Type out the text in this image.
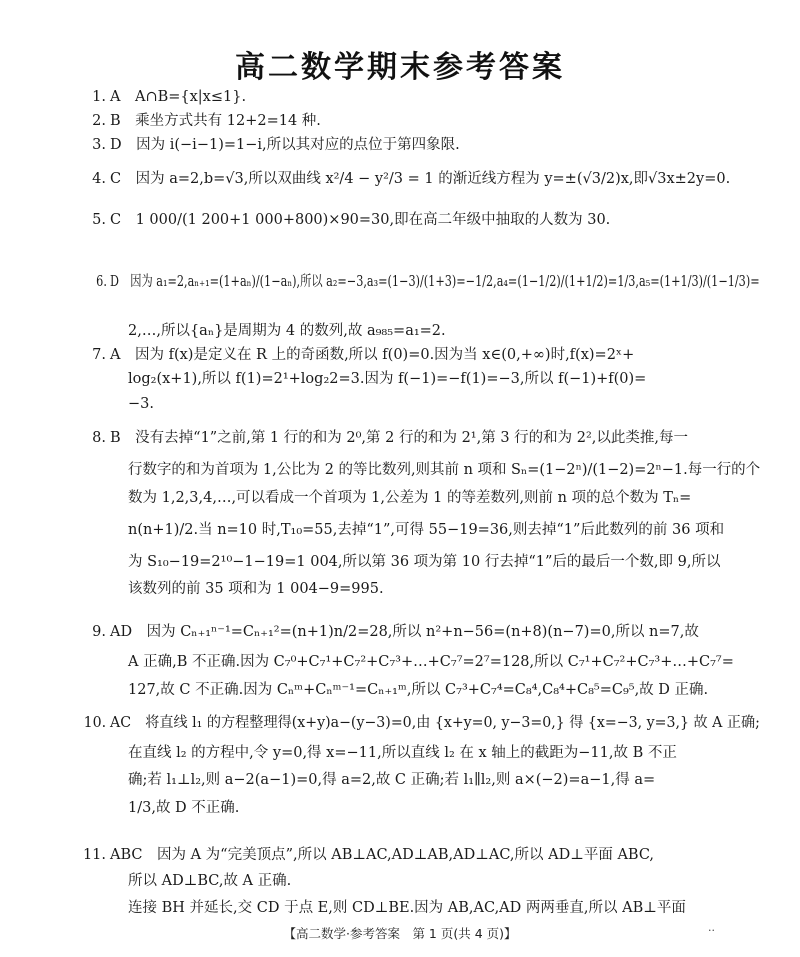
高二数学期末参考答案
1. A　A∩B={x|x≤1}.
2. B　乘坐方式共有 12+2=14 种.
3. D　因为 i(−i−1)=1−i,所以其对应的点位于第四象限.
4. C　因为 a=2,b=√3,所以双曲线 x²/4 − y²/3 = 1 的渐近线方程为 y=±(√3/2)x,即√3x±2y=0.
5. C　1 000/(1 200+1 000+800)×90=30,即在高二年级中抽取的人数为 30.
6. D　因为 a₁=2,aₙ₊₁=(1+aₙ)/(1−aₙ),所以 a₂=−3,a₃=(1−3)/(1+3)=−1/2,a₄=(1−1/2)/(1+1/2)=1/3,a₅=(1+1/3)/(1−1/3)=
2,…,所以{aₙ}是周期为 4 的数列,故 a₉₈₅=a₁=2.
7. A　因为 f(x)是定义在 R 上的奇函数,所以 f(0)=0.因为当 x∈(0,+∞)时,f(x)=2ˣ+
log₂(x+1),所以 f(1)=2¹+log₂2=3.因为 f(−1)=−f(1)=−3,所以 f(−1)+f(0)=
−3.
8. B　没有去掉“1”之前,第 1 行的和为 2⁰,第 2 行的和为 2¹,第 3 行的和为 2²,以此类推,每一
行数字的和为首项为 1,公比为 2 的等比数列,则其前 n 项和 Sₙ=(1−2ⁿ)/(1−2)=2ⁿ−1.每一行的个
数为 1,2,3,4,…,可以看成一个首项为 1,公差为 1 的等差数列,则前 n 项的总个数为 Tₙ=
n(n+1)/2.当 n=10 时,T₁₀=55,去掉“1”,可得 55−19=36,则去掉“1”后此数列的前 36 项和
为 S₁₀−19=2¹⁰−1−19=1 004,所以第 36 项为第 10 行去掉“1”后的最后一个数,即 9,所以
该数列的前 35 项和为 1 004−9=995.
9. AD　因为 Cₙ₊₁ⁿ⁻¹=Cₙ₊₁²=(n+1)n/2=28,所以 n²+n−56=(n+8)(n−7)=0,所以 n=7,故
A 正确,B 不正确.因为 C₇⁰+C₇¹+C₇²+C₇³+…+C₇⁷=2⁷=128,所以 C₇¹+C₇²+C₇³+…+C₇⁷=
127,故 C 不正确.因为 Cₙᵐ+Cₙᵐ⁻¹=Cₙ₊₁ᵐ,所以 C₇³+C₇⁴=C₈⁴,C₈⁴+C₈⁵=C₉⁵,故 D 正确.
10. AC　将直线 l₁ 的方程整理得(x+y)a−(y−3)=0,由 {x+y=0, y−3=0,} 得 {x=−3, y=3,} 故 A 正确;
在直线 l₂ 的方程中,令 y=0,得 x=−11,所以直线 l₂ 在 x 轴上的截距为−11,故 B 不正
确;若 l₁⊥l₂,则 a−2(a−1)=0,得 a=2,故 C 正确;若 l₁∥l₂,则 a×(−2)=a−1,得 a=
1/3,故 D 不正确.
11. ABC　因为 A 为“完美顶点”,所以 AB⊥AC,AD⊥AB,AD⊥AC,所以 AD⊥平面 ABC,
所以 AD⊥BC,故 A 正确.
连接 BH 并延长,交 CD 于点 E,则 CD⊥BE.因为 AB,AC,AD 两两垂直,所以 AB⊥平面
【高二数学·参考答案　第 1 页(共 4 页)】	··
